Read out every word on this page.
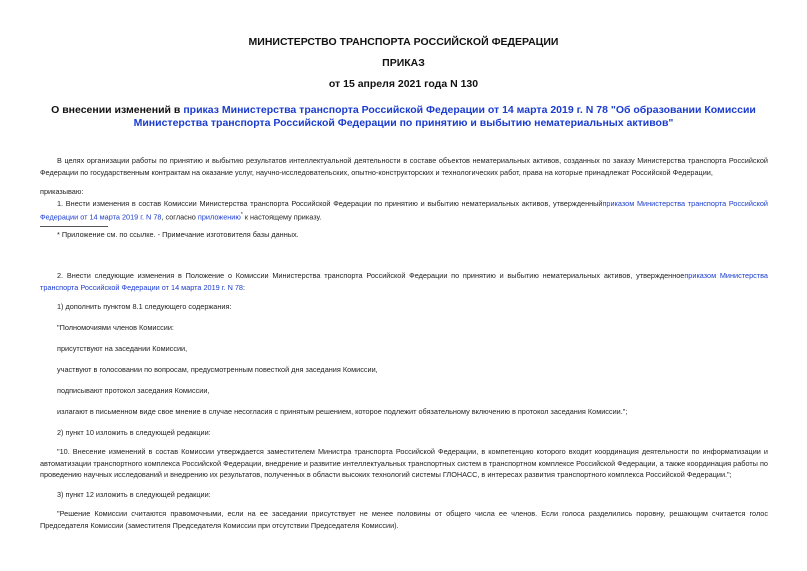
МИНИСТЕРСТВО ТРАНСПОРТА РОССИЙСКОЙ ФЕДЕРАЦИИ
ПРИКАЗ
от 15 апреля 2021 года N 130
О внесении изменений в приказ Министерства транспорта Российской Федерации от 14 марта 2019 г. N 78 "Об образовании Комиссии Министерства транспорта Российской Федерации по принятию и выбытию нематериальных активов"
В целях организации работы по принятию и выбытию результатов интеллектуальной деятельности в составе объектов нематериальных активов, созданных по заказу Министерства транспорта Российской Федерации по государственным контрактам на оказание услуг, научно-исследовательских, опытно-конструкторских и технологических работ, права на которые принадлежат Российской Федерации,
приказываю:
1. Внести изменения в состав Комиссии Министерства транспорта Российской Федерации по принятию и выбытию нематериальных активов, утвержденныйприказом Министерства транспорта Российской Федерации от 14 марта 2019 г. N 78, согласно приложению* к настоящему приказу.
* Приложение см. по ссылке. - Примечание изготовителя базы данных.
2. Внести следующие изменения в Положение о Комиссии Министерства транспорта Российской Федерации по принятию и выбытию нематериальных активов, утвержденноеприказом Министерства транспорта Российской Федерации от 14 марта 2019 г. N 78:
1) дополнить пунктом 8.1 следующего содержания:
"Полномочиями членов Комиссии:
присутствуют на заседании Комиссии,
участвуют в голосовании по вопросам, предусмотренным повесткой дня заседания Комиссии,
подписывают протокол заседания Комиссии,
излагают в письменном виде свое мнение в случае несогласия с принятым решением, которое подлежит обязательному включению в протокол заседания Комиссии.";
2) пункт 10 изложить в следующей редакции:
"10. Внесение изменений в состав Комиссии утверждается заместителем Министра транспорта Российской Федерации, в компетенцию которого входит координация деятельности по информатизации и автоматизации транспортного комплекса Российской Федерации, внедрение и развитие интеллектуальных транспортных систем в транспортном комплексе Российской Федерации, а также координация работы по проведению научных исследований и внедрению их результатов, полученных в области высоких технологий системы ГЛОНАСС, в интересах развития транспортного комплекса Российской Федерации.";
3) пункт 12 изложить в следующей редакции:
"Решение Комиссии считаются правомочными, если на ее заседании присутствует не менее половины от общего числа ее членов. Если голоса разделились поровну, решающим считается голос Председателя Комиссии (заместителя Председателя Комиссии при отсутствии Председателя Комиссии).
